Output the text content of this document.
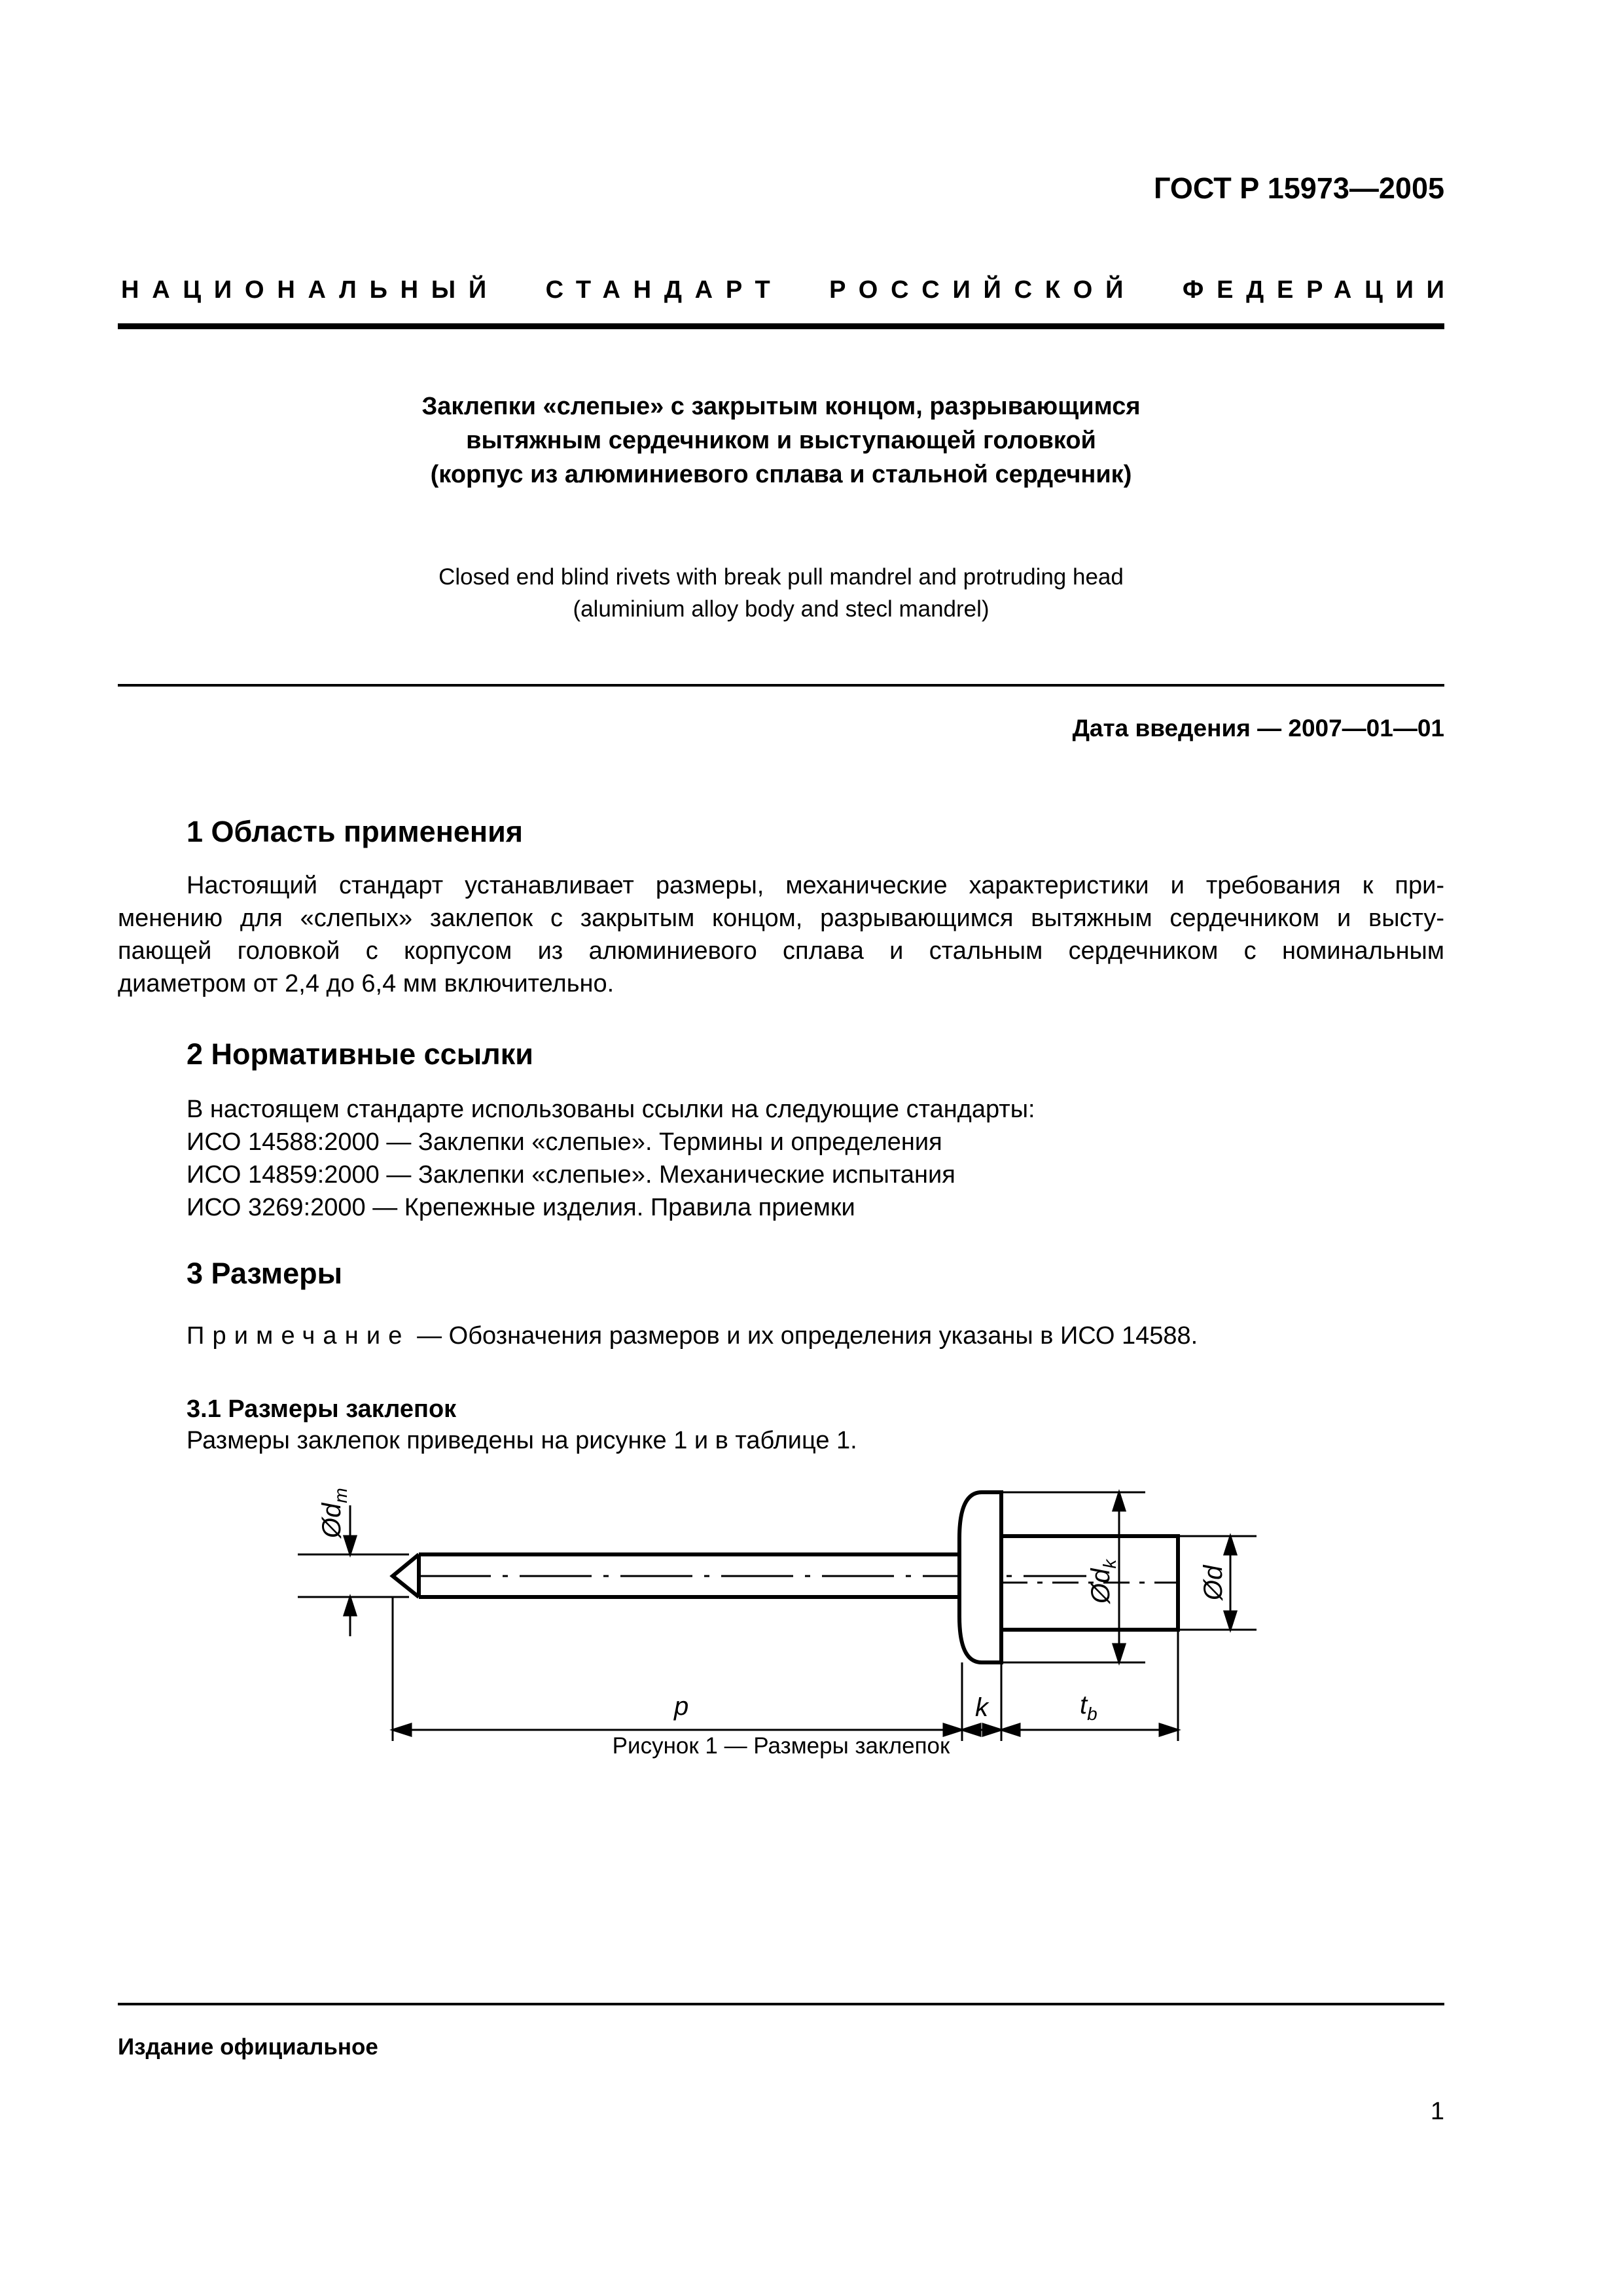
ГОСТ Р 15973—2005
НАЦИОНАЛЬНЫЙ СТАНДАРТ РОССИЙСКОЙ ФЕДЕРАЦИИ
Заклепки «слепые» с закрытым концом, разрывающимся
вытяжным сердечником и выступающей головкой
(корпус из алюминиевого сплава и стальной сердечник)
Closed end blind rivets with break pull mandrel and protruding head
(aluminium alloy body and stecl mandrel)
Дата введения — 2007—01—01
1 Область применения
Настоящий стандарт устанавливает размеры, механические характеристики и требования к при-
менению для «слепых» заклепок с закрытым концом, разрывающимся вытяжным сердечником и высту-
пающей головкой с корпусом из алюминиевого сплава и стальным сердечником с номинальным
диаметром от 2,4 до 6,4 мм включительно.
2 Нормативные ссылки
В настоящем стандарте использованы ссылки на следующие стандарты:
ИСО 14588:2000 — Заклепки «слепые». Термины и определения
ИСО 14859:2000 — Заклепки «слепые». Механические испытания
ИСО 3269:2000 — Крепежные изделия. Правила приемки
3 Размеры
Примечание — Обозначения размеров и их определения указаны в ИСО 14588.
3.1 Размеры заклепок
Размеры заклепок приведены на рисунке 1 и в таблице 1.
$Ød_m$
$Ød_k$
Ød
p	k	$t_b$
Рисунок 1 — Размеры заклепок
Издание официальное
1
